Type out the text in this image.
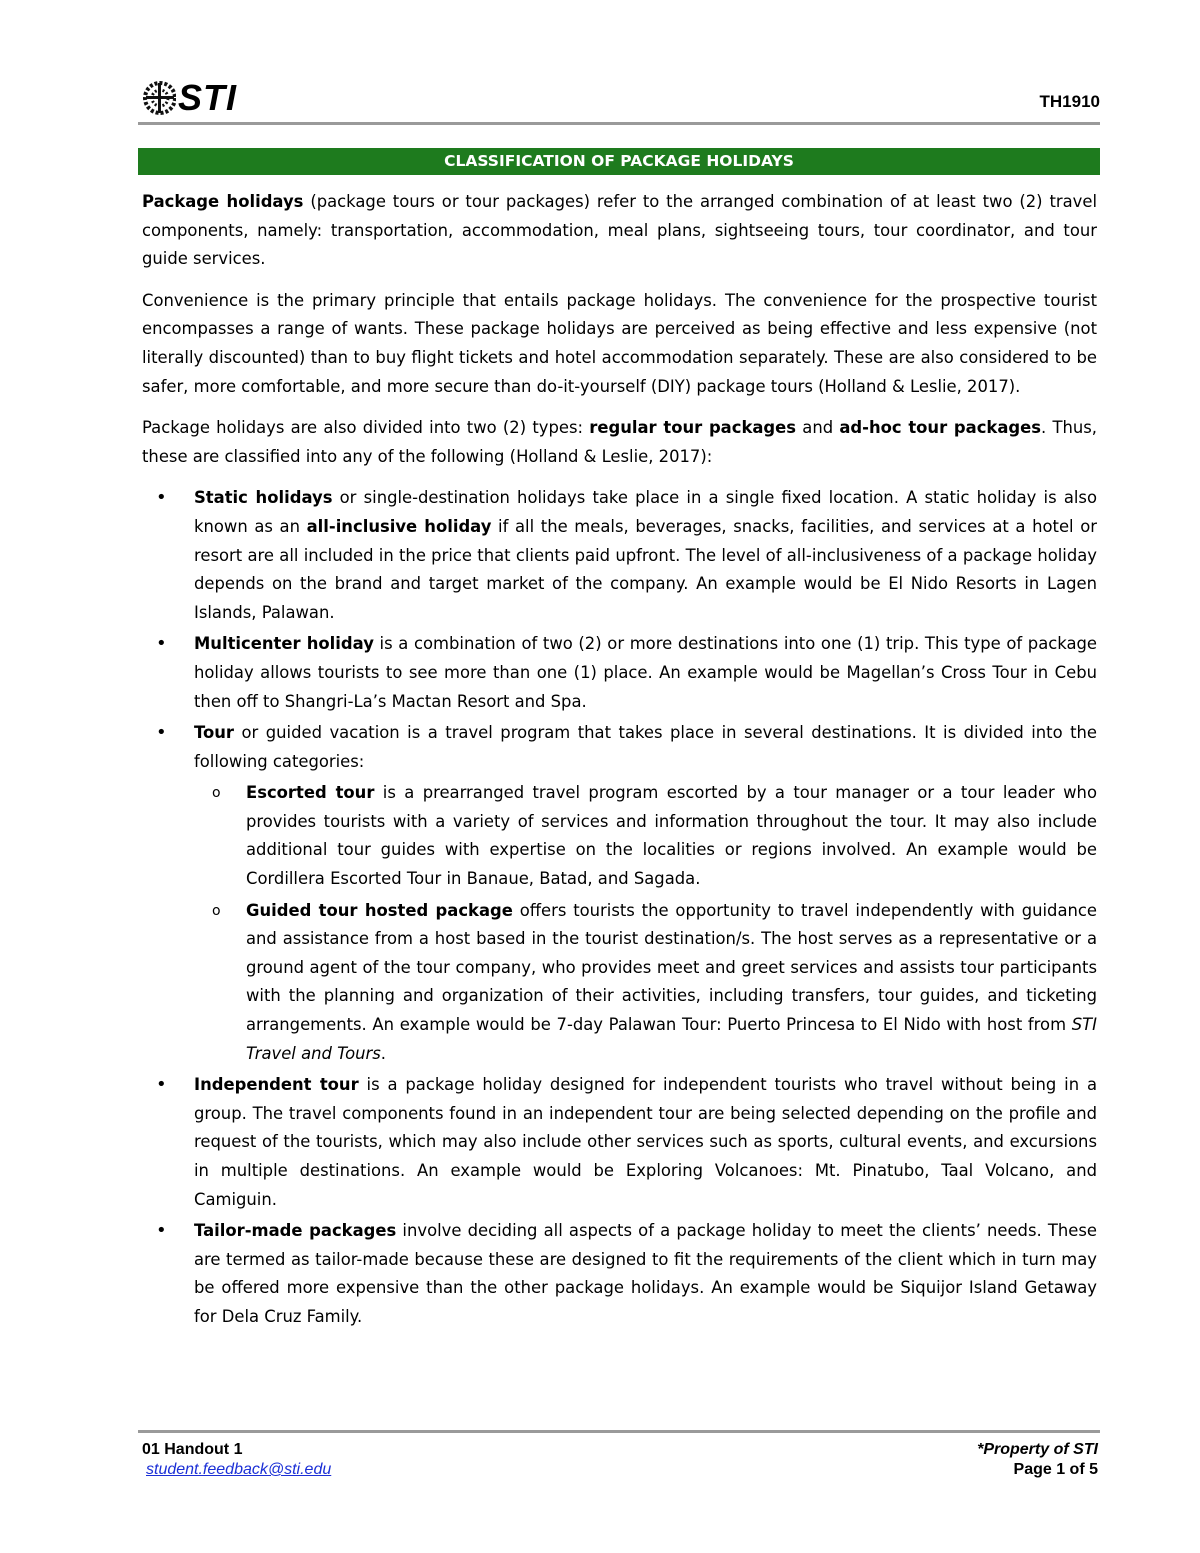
STI	TH1910
CLASSIFICATION OF PACKAGE HOLIDAYS

Package holidays (package tours or tour packages) refer to the arranged combination of at least two (2) travel components, namely: transportation, accommodation, meal plans, sightseeing tours, tour coordinator, and tour guide services.

Convenience is the primary principle that entails package holidays. The convenience for the prospective tourist encompasses a range of wants. These package holidays are perceived as being effective and less expensive (not literally discounted) than to buy flight tickets and hotel accommodation separately. These are also considered to be safer, more comfortable, and more secure than do-it-yourself (DIY) package tours (Holland & Leslie, 2017).

Package holidays are also divided into two (2) types: regular tour packages and ad-hoc tour packages. Thus, these are classified into any of the following (Holland & Leslie, 2017):

• Static holidays or single-destination holidays take place in a single fixed location. A static holiday is also known as an all-inclusive holiday if all the meals, beverages, snacks, facilities, and services at a hotel or resort are all included in the price that clients paid upfront. The level of all-inclusiveness of a package holiday depends on the brand and target market of the company. An example would be El Nido Resorts in Lagen Islands, Palawan.
• Multicenter holiday is a combination of two (2) or more destinations into one (1) trip. This type of package holiday allows tourists to see more than one (1) place. An example would be Magellan’s Cross Tour in Cebu then off to Shangri-La’s Mactan Resort and Spa.
• Tour or guided vacation is a travel program that takes place in several destinations. It is divided into the following categories:
o Escorted tour is a prearranged travel program escorted by a tour manager or a tour leader who provides tourists with a variety of services and information throughout the tour. It may also include additional tour guides with expertise on the localities or regions involved. An example would be Cordillera Escorted Tour in Banaue, Batad, and Sagada.
o Guided tour hosted package offers tourists the opportunity to travel independently with guidance and assistance from a host based in the tourist destination/s. The host serves as a representative or a ground agent of the tour company, who provides meet and greet services and assists tour participants with the planning and organization of their activities, including transfers, tour guides, and ticketing arrangements. An example would be 7-day Palawan Tour: Puerto Princesa to El Nido with host from STI Travel and Tours.
• Independent tour is a package holiday designed for independent tourists who travel without being in a group. The travel components found in an independent tour are being selected depending on the profile and request of the tourists, which may also include other services such as sports, cultural events, and excursions in multiple destinations. An example would be Exploring Volcanoes: Mt. Pinatubo, Taal Volcano, and Camiguin.
• Tailor-made packages involve deciding all aspects of a package holiday to meet the clients’ needs. These are termed as tailor-made because these are designed to fit the requirements of the client which in turn may be offered more expensive than the other package holidays. An example would be Siquijor Island Getaway for Dela Cruz Family.
01 Handout 1
student.feedback@sti.edu
*Property of STI
Page 1 of 5
